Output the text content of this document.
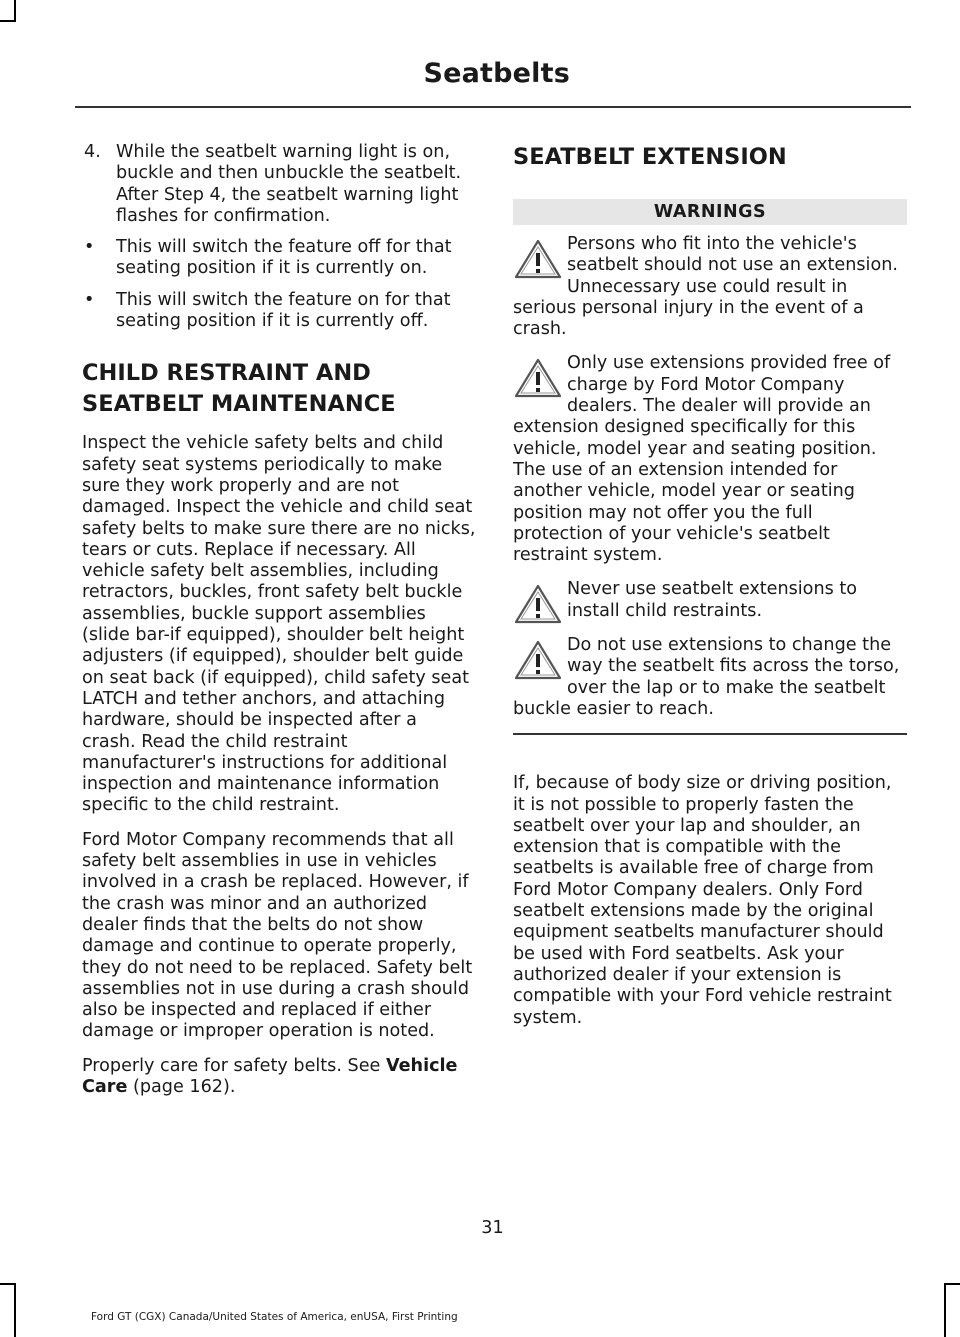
Seatbelts
4. While the seatbelt warning light is on, buckle and then unbuckle the seatbelt. After Step 4, the seatbelt warning light flashes for confirmation.
• This will switch the feature off for that seating position if it is currently on.
• This will switch the feature on for that seating position if it is currently off.
CHILD RESTRAINT AND
SEATBELT MAINTENANCE

Inspect the vehicle safety belts and child safety seat systems periodically to make sure they work properly and are not damaged. Inspect the vehicle and child seat safety belts to make sure there are no nicks, tears or cuts. Replace if necessary. All vehicle safety belt assemblies, including retractors, buckles, front safety belt buckle assemblies, buckle support assemblies (slide bar-if equipped), shoulder belt height adjusters (if equipped), shoulder belt guide on seat back (if equipped), child safety seat LATCH and tether anchors, and attaching hardware, should be inspected after a crash. Read the child restraint manufacturer's instructions for additional inspection and maintenance information specific to the child restraint.

Ford Motor Company recommends that all safety belt assemblies in use in vehicles involved in a crash be replaced. However, if the crash was minor and an authorized dealer finds that the belts do not show damage and continue to operate properly, they do not need to be replaced. Safety belt assemblies not in use during a crash should also be inspected and replaced if either damage or improper operation is noted.

Properly care for safety belts. See Vehicle Care (page 162).

SEATBELT EXTENSION
WARNINGS
Persons who fit into the vehicle's seatbelt should not use an extension. Unnecessary use could result in serious personal injury in the event of a crash.
Only use extensions provided free of charge by Ford Motor Company dealers. The dealer will provide an extension designed specifically for this vehicle, model year and seating position. The use of an extension intended for another vehicle, model year or seating position may not offer you the full protection of your vehicle's seatbelt restraint system.
Never use seatbelt extensions to install child restraints.
Do not use extensions to change the way the seatbelt fits across the torso, over the lap or to make the seatbelt buckle easier to reach.

If, because of body size or driving position, it is not possible to properly fasten the seatbelt over your lap and shoulder, an extension that is compatible with the seatbelts is available free of charge from Ford Motor Company dealers. Only Ford seatbelt extensions made by the original equipment seatbelts manufacturer should be used with Ford seatbelts. Ask your authorized dealer if your extension is compatible with your Ford vehicle restraint system.

31
Ford GT (CGX) Canada/United States of America, enUSA, First Printing
